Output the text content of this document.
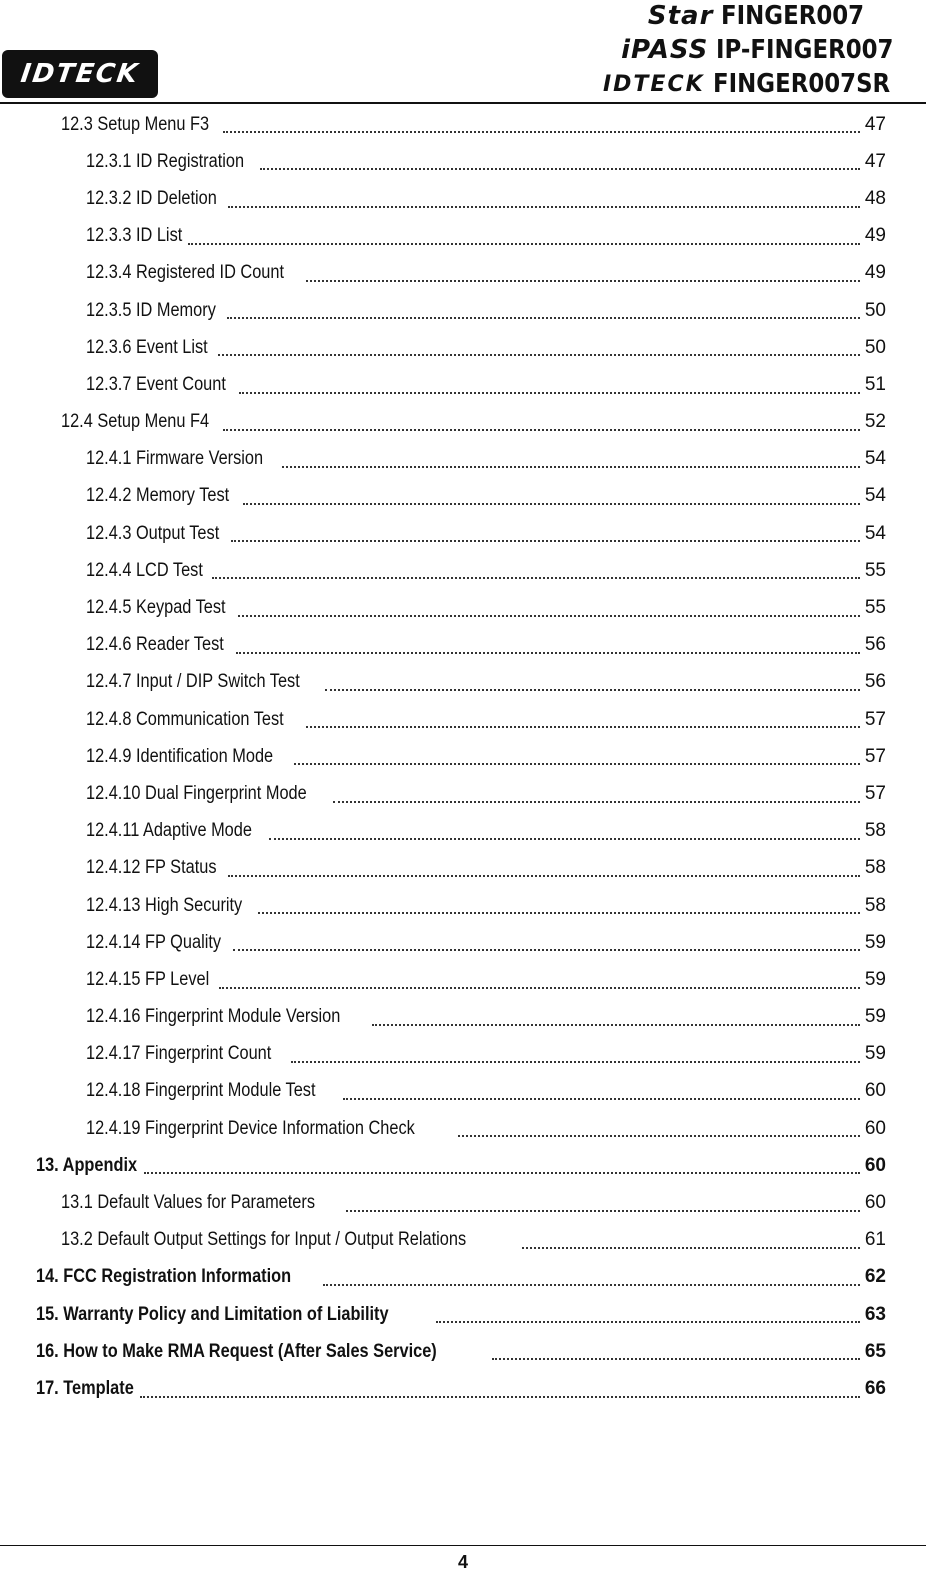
IDTECK
Star FINGER007
iPASS IP-FINGER007
IDTECK FINGER007SR
12.3 Setup Menu F3	47
12.3.1 ID Registration	47
12.3.2 ID Deletion	48
12.3.3 ID List	49
12.3.4 Registered ID Count	49
12.3.5 ID Memory	50
12.3.6 Event List	50
12.3.7 Event Count	51
12.4 Setup Menu F4	52
12.4.1 Firmware Version	54
12.4.2 Memory Test	54
12.4.3 Output Test	54
12.4.4 LCD Test	55
12.4.5 Keypad Test	55
12.4.6 Reader Test	56
12.4.7 Input / DIP Switch Test	56
12.4.8 Communication Test	57
12.4.9 Identification Mode	57
12.4.10 Dual Fingerprint Mode	57
12.4.11 Adaptive Mode	58
12.4.12 FP Status	58
12.4.13 High Security	58
12.4.14 FP Quality	59
12.4.15 FP Level	59
12.4.16 Fingerprint Module Version	59
12.4.17 Fingerprint Count	59
12.4.18 Fingerprint Module Test	60
12.4.19 Fingerprint Device Information Check	60
13. Appendix	60
13.1 Default Values for Parameters	60
13.2 Default Output Settings for Input / Output Relations	61
14. FCC Registration Information	62
15. Warranty Policy and Limitation of Liability	63
16. How to Make RMA Request (After Sales Service)	65
17. Template	66
4
